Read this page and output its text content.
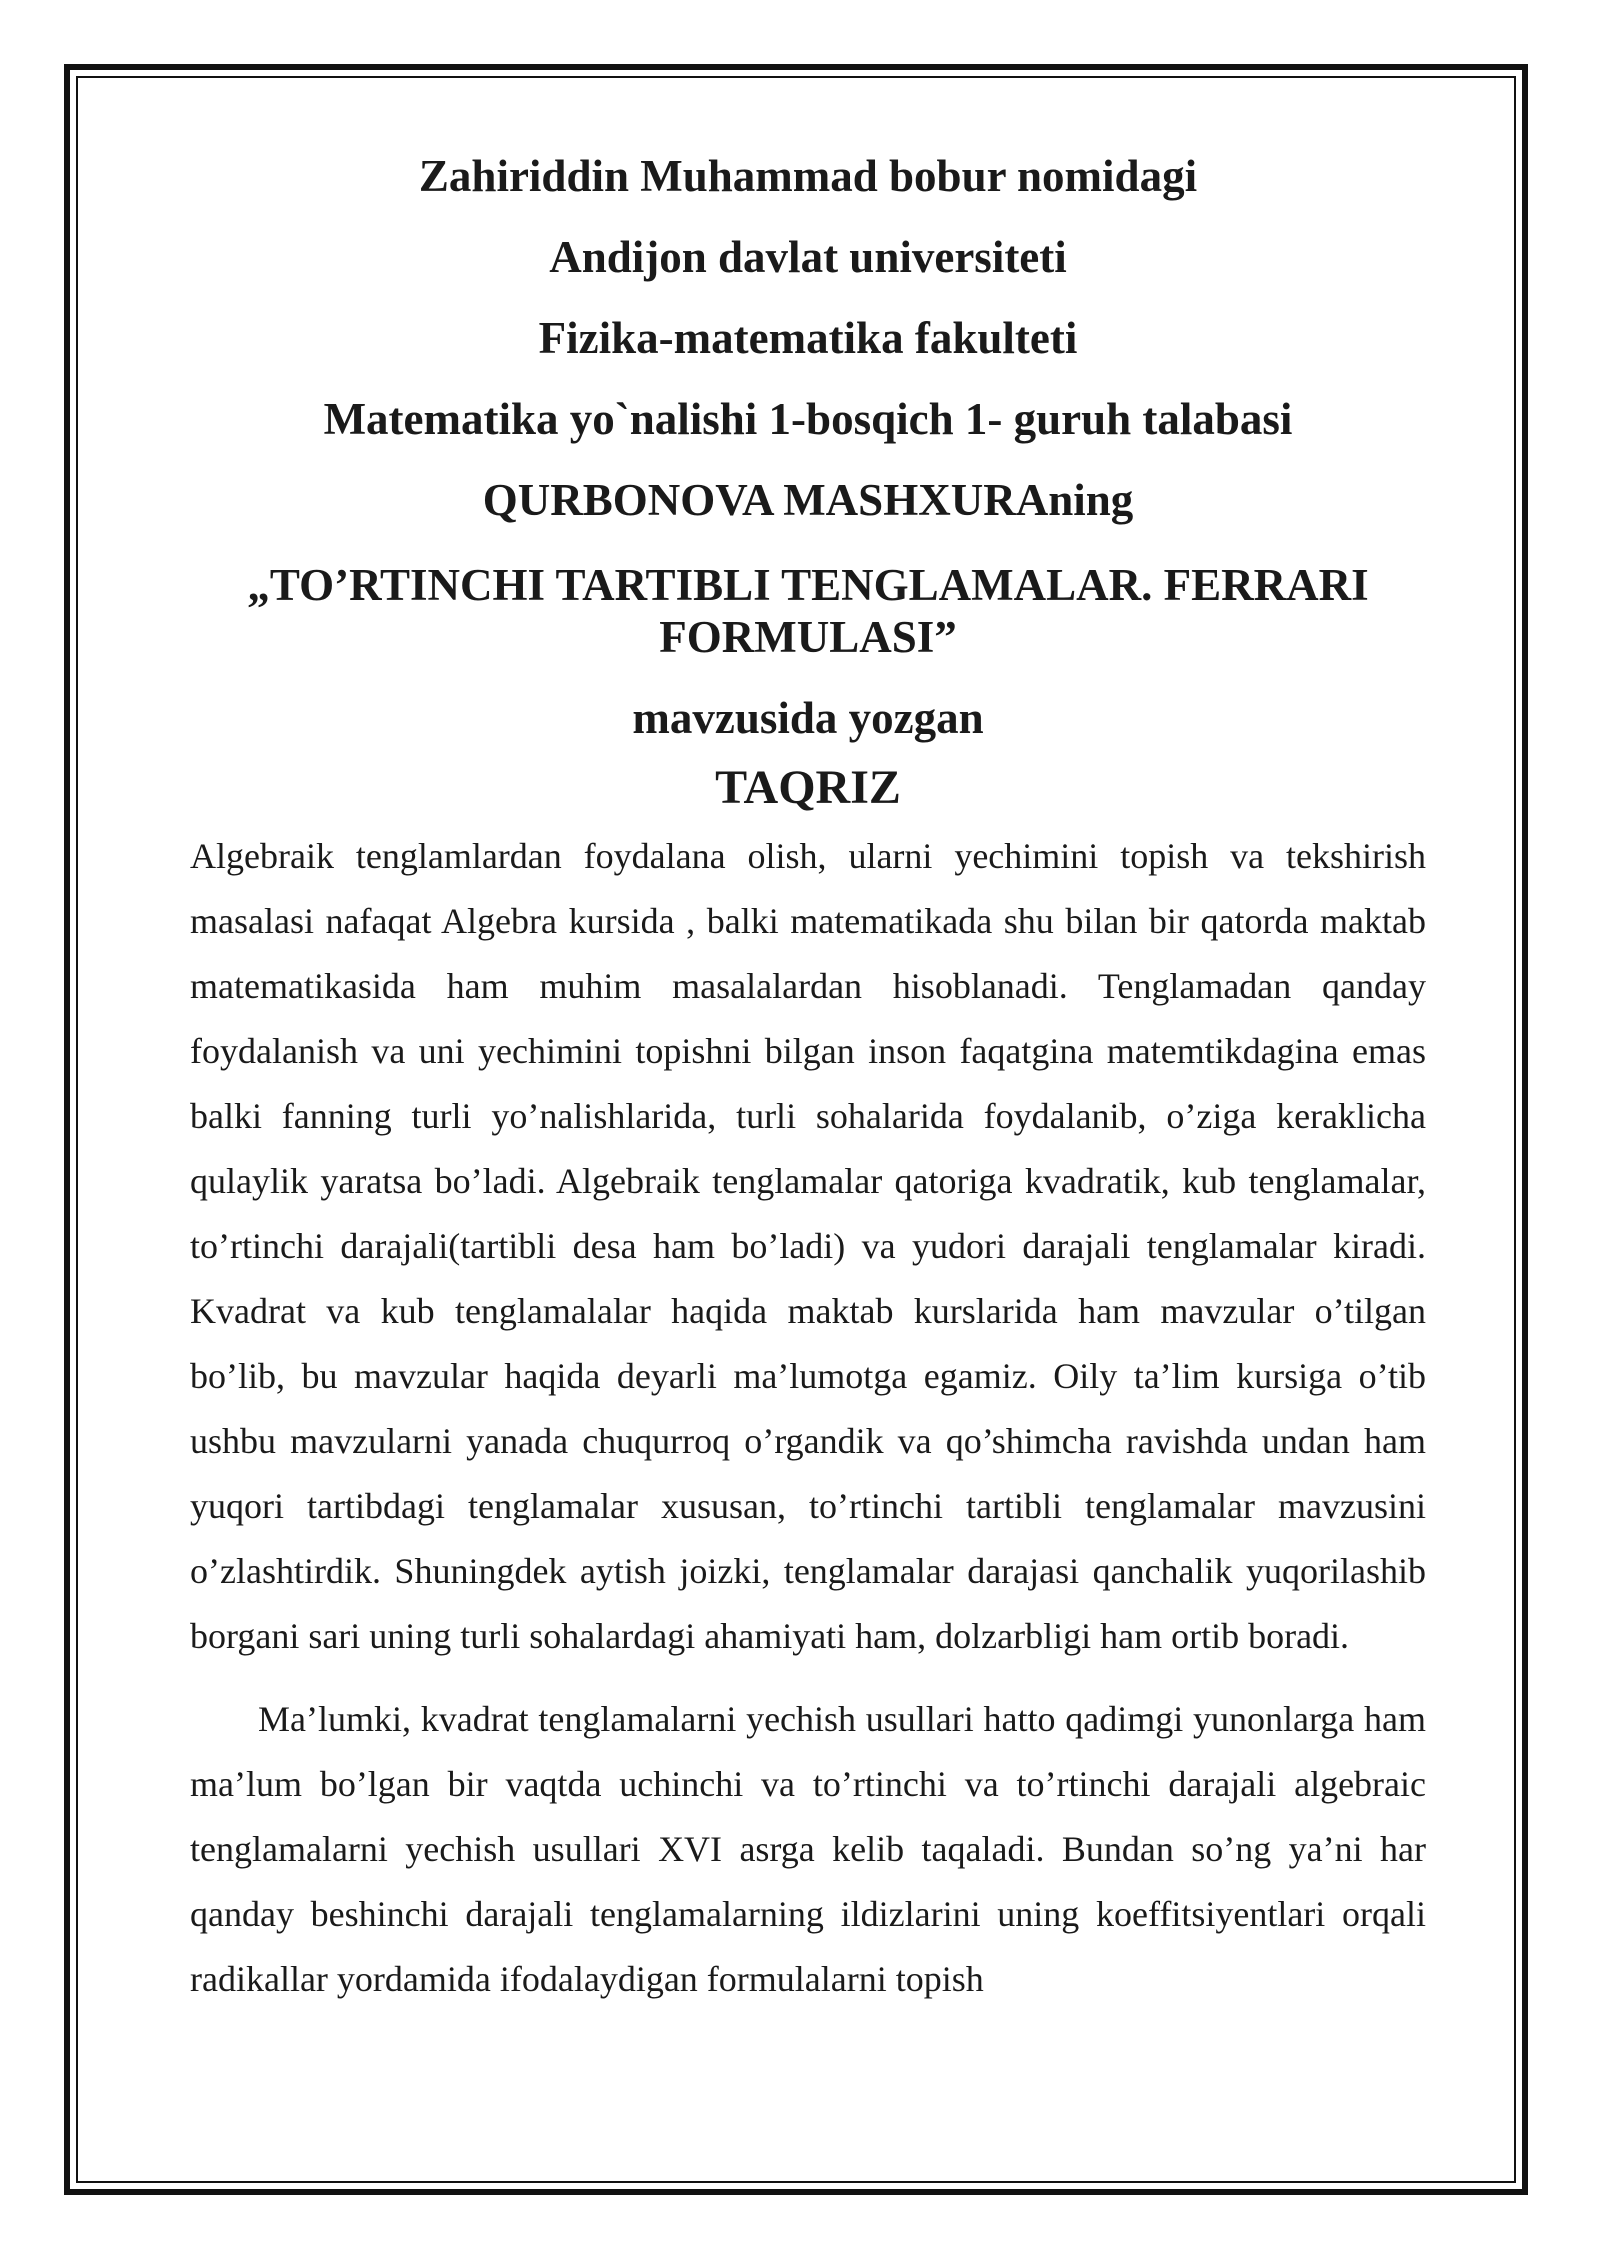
Zahiriddin Muhammad bobur nomidagi

Andijon davlat universiteti

Fizika-matematika fakulteti

Matematika yo`nalishi 1-bosqich 1- guruh talabasi

QURBONOVA MASHXURAning

„TO’RTINCHI TARTIBLI TENGLAMALAR. FERRARI FORMULASI”

mavzusida yozgan

TAQRIZ

Algebraik tenglamlardan foydalana olish, ularni yechimini topish va tekshirish masalasi nafaqat Algebra kursida , balki matematikada shu bilan bir qatorda maktab matematikasida ham muhim masalalardan hisoblanadi. Tenglamadan qanday foydalanish va uni yechimini topishni bilgan inson faqatgina matemtikdagina emas balki fanning turli yo’nalishlarida, turli sohalarida foydalanib, o’ziga keraklicha qulaylik yaratsa bo’ladi. Algebraik tenglamalar qatoriga kvadratik, kub tenglamalar, to’rtinchi darajali(tartibli desa ham bo’ladi) va yudori darajali tenglamalar kiradi. Kvadrat va kub tenglamalalar haqida maktab kurslarida ham mavzular o’tilgan bo’lib, bu mavzular haqida deyarli ma’lumotga egamiz. Oily ta’lim kursiga o’tib ushbu mavzularni yanada chuqurroq o’rgandik va qo’shimcha ravishda undan ham yuqori tartibdagi tenglamalar xususan, to’rtinchi tartibli tenglamalar mavzusini o’zlashtirdik. Shuningdek aytish joizki, tenglamalar darajasi qanchalik yuqorilashib borgani sari uning turli sohalardagi ahamiyati ham, dolzarbligi ham ortib boradi.

Ma’lumki, kvadrat tenglamalarni yechish usullari hatto qadimgi yunonlarga ham ma’lum bo’lgan bir vaqtda uchinchi va to’rtinchi va to’rtinchi darajali algebraic tenglamalarni yechish usullari XVI asrga kelib taqaladi. Bundan so’ng ya’ni har qanday beshinchi darajali tenglamalarning ildizlarini uning koeffitsiyentlari orqali radikallar yordamida ifodalaydigan formulalarni topish
